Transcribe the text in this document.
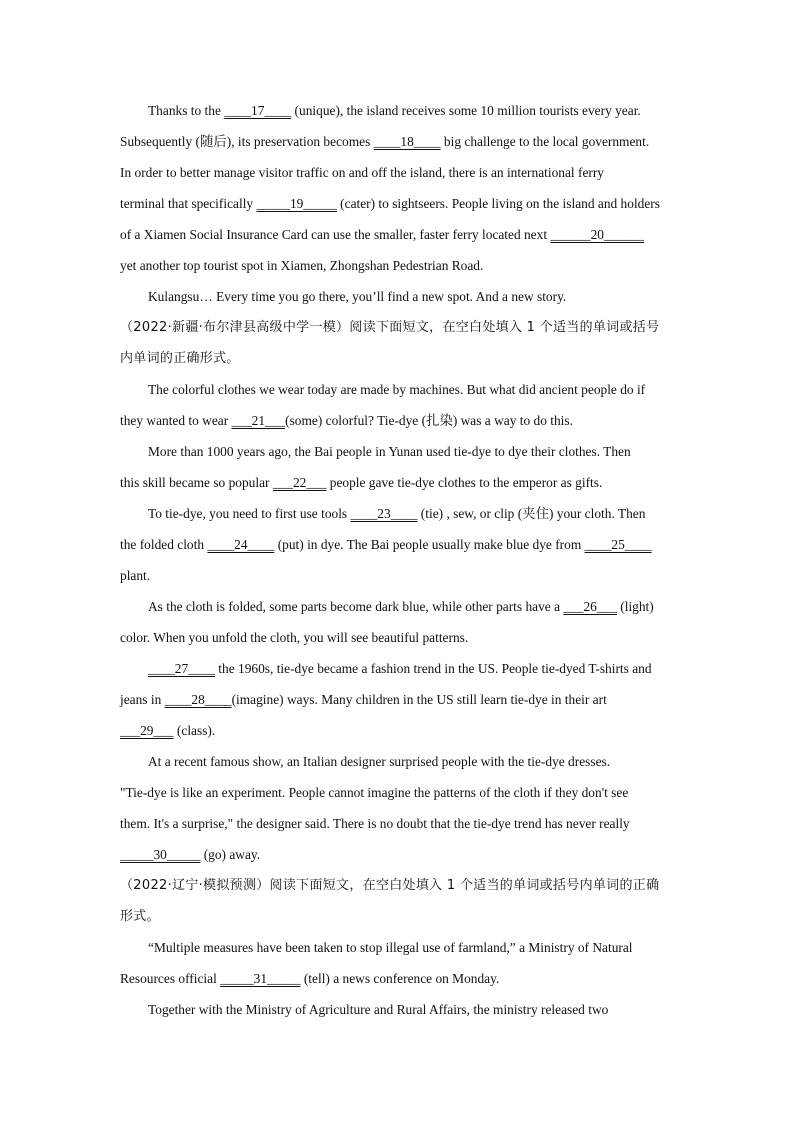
Thanks to the ____17____ (unique), the island receives some 10 million tourists every year.
Subsequently (随后), its preservation becomes ____18____ big challenge to the local government.
In order to better manage visitor traffic on and off the island, there is an international ferry
terminal that specifically _____19_____ (cater) to sightseers. People living on the island and holders
of a Xiamen Social Insurance Card can use the smaller, faster ferry located next ______20______
yet another top tourist spot in Xiamen, Zhongshan Pedestrian Road.
Kulangsu… Every time you go there, you’ll find a new spot. And a new story.
（2022·新疆·布尔津县高级中学一模）阅读下面短文，在空白处填入 1 个适当的单词或括号
内单词的正确形式。
The colorful clothes we wear today are made by machines. But what did ancient people do if
they wanted to wear ___21___(some) colorful? Tie-dye (扎染) was a way to do this.
More than 1000 years ago, the Bai people in Yunan used tie-dye to dye their clothes. Then
this skill became so popular ___22___ people gave tie-dye clothes to the emperor as gifts.
To tie-dye, you need to first use tools ____23____ (tie) , sew, or clip (夹住) your cloth. Then
the folded cloth ____24____ (put) in dye. The Bai people usually make blue dye from ____25____
plant.
As the cloth is folded, some parts become dark blue, while other parts have a ___26___ (light)
color. When you unfold the cloth, you will see beautiful patterns.
____27____ the 1960s, tie-dye became a fashion trend in the US. People tie-dyed T-shirts and
jeans in ____28____(imagine) ways. Many children in the US still learn tie-dye in their art
___29___ (class).
At a recent famous show, an Italian designer surprised people with the tie-dye dresses.
"Tie-dye is like an experiment. People cannot imagine the patterns of the cloth if they don't see
them. It's a surprise," the designer said. There is no doubt that the tie-dye trend has never really
_____30_____ (go) away.
（2022·辽宁·模拟预测）阅读下面短文，在空白处填入 1 个适当的单词或括号内单词的正确
形式。
“Multiple measures have been taken to stop illegal use of farmland,” a Ministry of Natural
Resources official _____31_____ (tell) a news conference on Monday.
Together with the Ministry of Agriculture and Rural Affairs, the ministry released two
